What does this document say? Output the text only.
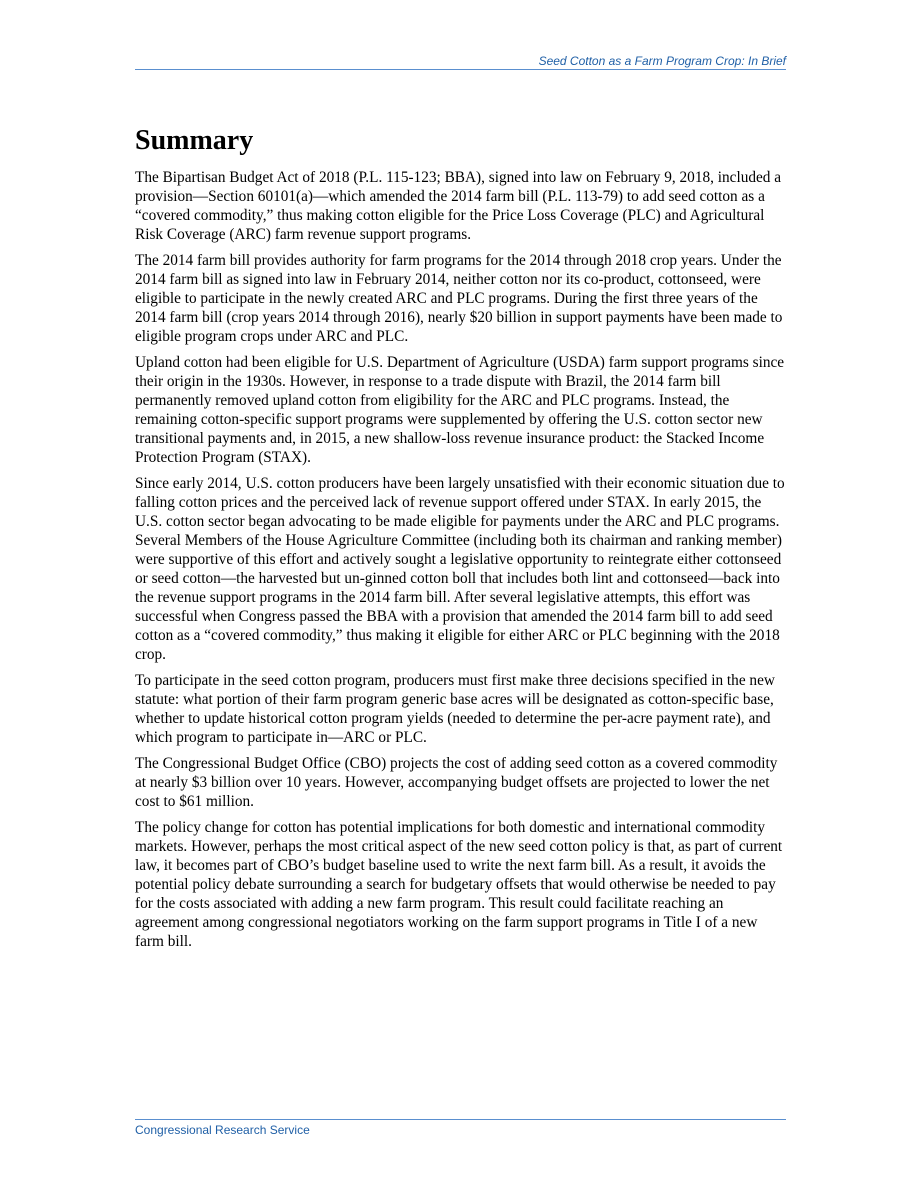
Seed Cotton as a Farm Program Crop: In Brief
Summary

The Bipartisan Budget Act of 2018 (P.L. 115-123; BBA), signed into law on February 9, 2018, included a provision—Section 60101(a)—which amended the 2014 farm bill (P.L. 113-79) to add seed cotton as a “covered commodity,” thus making cotton eligible for the Price Loss Coverage (PLC) and Agricultural Risk Coverage (ARC) farm revenue support programs.

The 2014 farm bill provides authority for farm programs for the 2014 through 2018 crop years. Under the 2014 farm bill as signed into law in February 2014, neither cotton nor its co-product, cottonseed, were eligible to participate in the newly created ARC and PLC programs. During the first three years of the 2014 farm bill (crop years 2014 through 2016), nearly $20 billion in support payments have been made to eligible program crops under ARC and PLC.

Upland cotton had been eligible for U.S. Department of Agriculture (USDA) farm support programs since their origin in the 1930s. However, in response to a trade dispute with Brazil, the 2014 farm bill permanently removed upland cotton from eligibility for the ARC and PLC programs. Instead, the remaining cotton-specific support programs were supplemented by offering the U.S. cotton sector new transitional payments and, in 2015, a new shallow-loss revenue insurance product: the Stacked Income Protection Program (STAX).

Since early 2014, U.S. cotton producers have been largely unsatisfied with their economic situation due to falling cotton prices and the perceived lack of revenue support offered under STAX. In early 2015, the U.S. cotton sector began advocating to be made eligible for payments under the ARC and PLC programs. Several Members of the House Agriculture Committee (including both its chairman and ranking member) were supportive of this effort and actively sought a legislative opportunity to reintegrate either cottonseed or seed cotton—the harvested but un-ginned cotton boll that includes both lint and cottonseed—back into the revenue support programs in the 2014 farm bill. After several legislative attempts, this effort was successful when Congress passed the BBA with a provision that amended the 2014 farm bill to add seed cotton as a “covered commodity,” thus making it eligible for either ARC or PLC beginning with the 2018 crop.

To participate in the seed cotton program, producers must first make three decisions specified in the new statute: what portion of their farm program generic base acres will be designated as cotton-specific base, whether to update historical cotton program yields (needed to determine the per-acre payment rate), and which program to participate in—ARC or PLC.

The Congressional Budget Office (CBO) projects the cost of adding seed cotton as a covered commodity at nearly $3 billion over 10 years. However, accompanying budget offsets are projected to lower the net cost to $61 million.

The policy change for cotton has potential implications for both domestic and international commodity markets. However, perhaps the most critical aspect of the new seed cotton policy is that, as part of current law, it becomes part of CBO’s budget baseline used to write the next farm bill. As a result, it avoids the potential policy debate surrounding a search for budgetary offsets that would otherwise be needed to pay for the costs associated with adding a new farm program. This result could facilitate reaching an agreement among congressional negotiators working on the farm support programs in Title I of a new farm bill.

Congressional Research Service
